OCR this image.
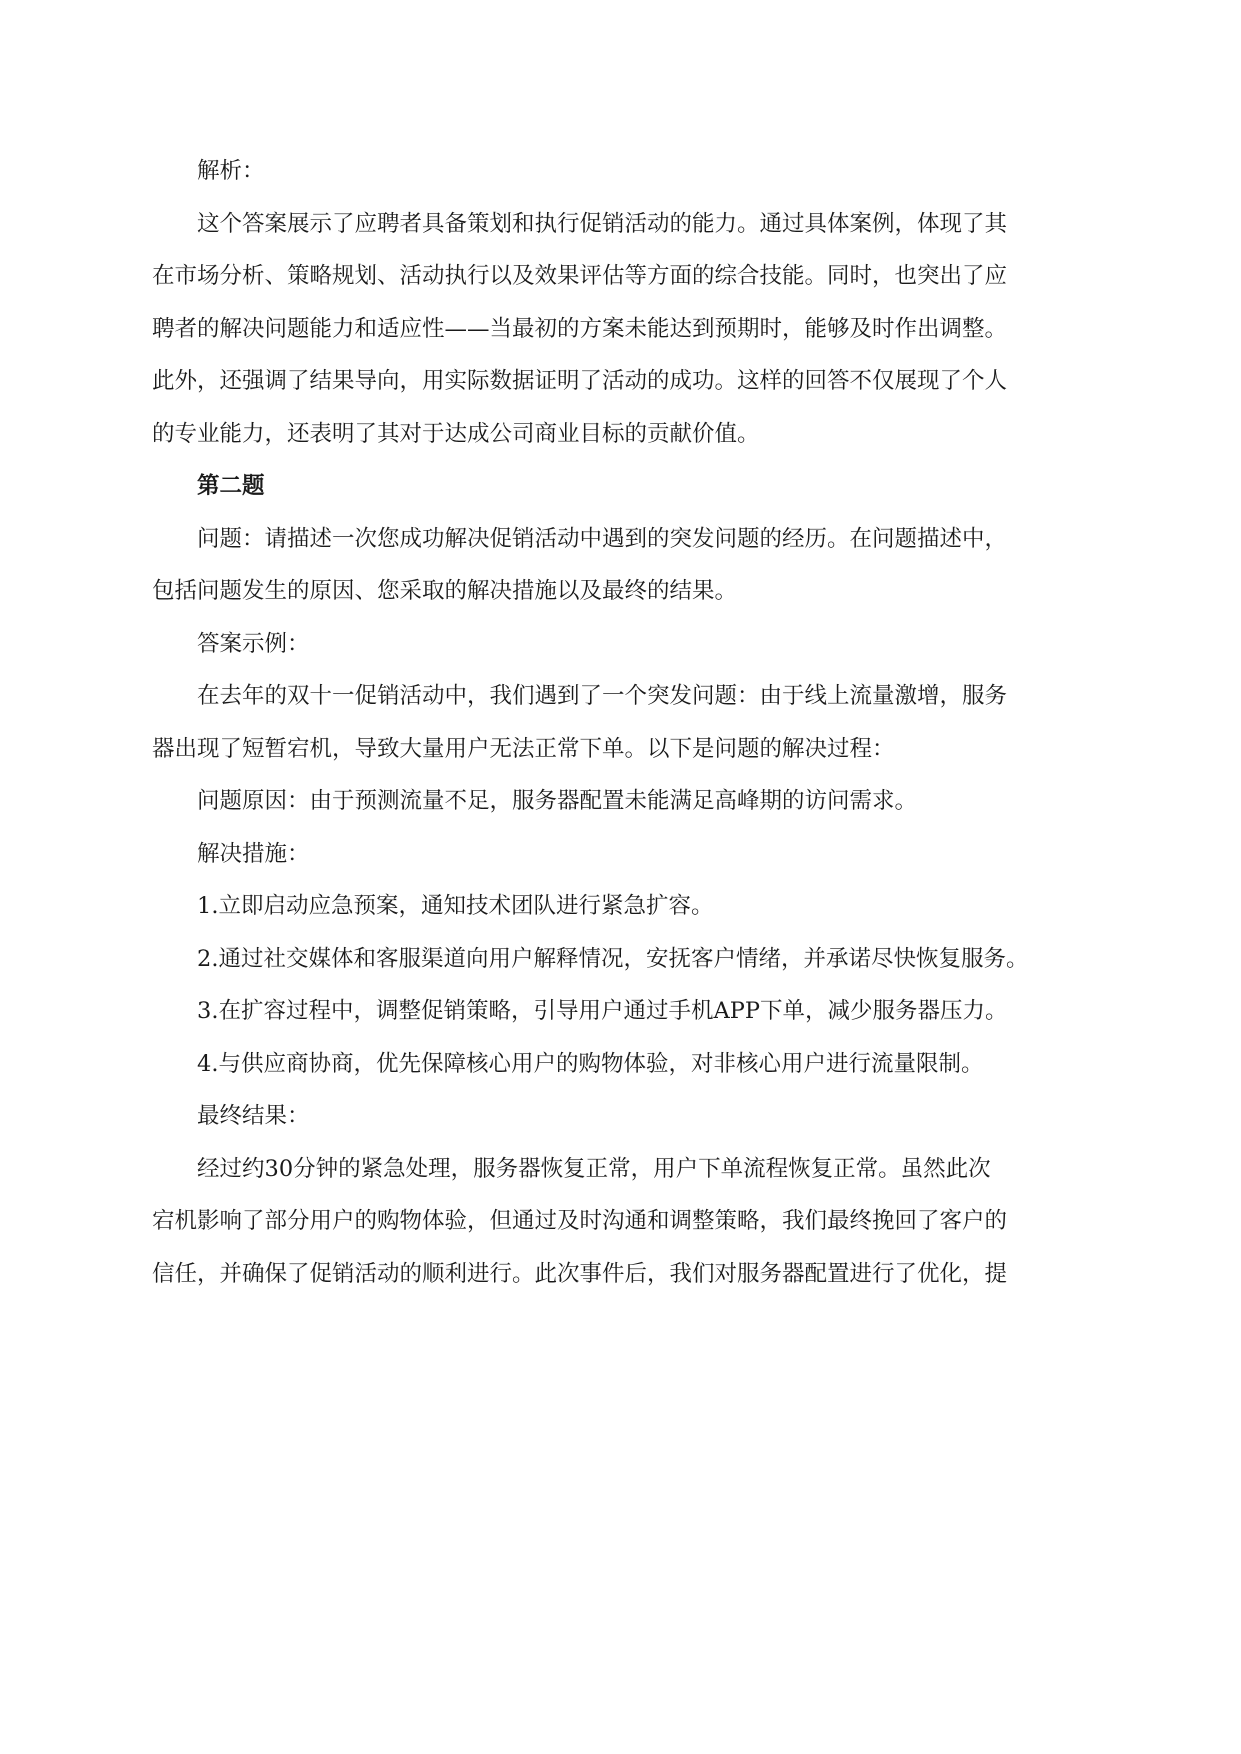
解析：

这个答案展示了应聘者具备策划和执行促销活动的能力。通过具体案例，体现了其
在市场分析、策略规划、活动执行以及效果评估等方面的综合技能。同时，也突出了应
聘者的解决问题能力和适应性——当最初的方案未能达到预期时，能够及时作出调整。
此外，还强调了结果导向，用实际数据证明了活动的成功。这样的回答不仅展现了个人
的专业能力，还表明了其对于达成公司商业目标的贡献价值。

第二题

问题：请描述一次您成功解决促销活动中遇到的突发问题的经历。在问题描述中，
包括问题发生的原因、您采取的解决措施以及最终的结果。

答案示例：

在去年的双十一促销活动中，我们遇到了一个突发问题：由于线上流量激增，服务
器出现了短暂宕机，导致大量用户无法正常下单。以下是问题的解决过程：

问题原因：由于预测流量不足，服务器配置未能满足高峰期的访问需求。

解决措施：

1.立即启动应急预案，通知技术团队进行紧急扩容。

2.通过社交媒体和客服渠道向用户解释情况，安抚客户情绪，并承诺尽快恢复服务。

3.在扩容过程中，调整促销策略，引导用户通过手机APP下单，减少服务器压力。

4.与供应商协商，优先保障核心用户的购物体验，对非核心用户进行流量限制。

最终结果：

经过约30分钟的紧急处理，服务器恢复正常，用户下单流程恢复正常。虽然此次
宕机影响了部分用户的购物体验，但通过及时沟通和调整策略，我们最终挽回了客户的
信任，并确保了促销活动的顺利进行。此次事件后，我们对服务器配置进行了优化，提
